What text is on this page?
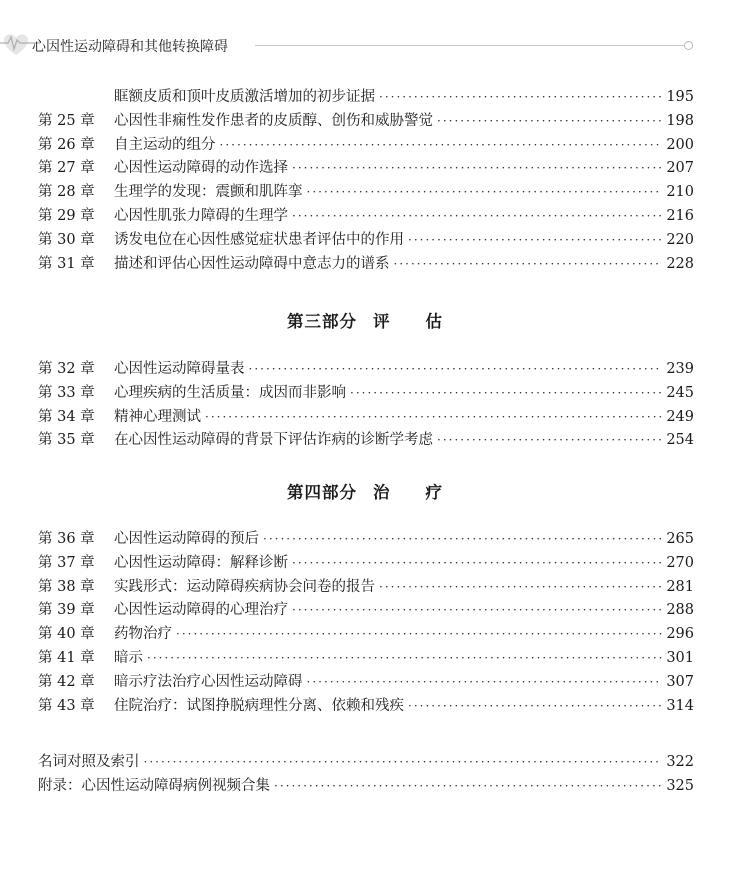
心因性运动障碍和其他转换障碍
眶额皮质和顶叶皮质激活增加的初步证据 ·····	195
第 25 章 心因性非痫性发作患者的皮质醇、创伤和威胁警觉 ·····	198
第 26 章 自主运动的组分 ·····	200
第 27 章 心因性运动障碍的动作选择 ·····	207
第 28 章 生理学的发现：震颤和肌阵挛 ·····	210
第 29 章 心因性肌张力障碍的生理学 ·····	216
第 30 章 诱发电位在心因性感觉症状患者评估中的作用 ·····	220
第 31 章 描述和评估心因性运动障碍中意志力的谱系 ·····	228
第三部分 评　　估
第 32 章 心因性运动障碍量表 ·····	239
第 33 章 心理疾病的生活质量：成因而非影响 ·····	245
第 34 章 精神心理测试 ·····	249
第 35 章 在心因性运动障碍的背景下评估诈病的诊断学考虑 ·····	254
第四部分 治　　疗
第 36 章 心因性运动障碍的预后 ·····	265
第 37 章 心因性运动障碍：解释诊断 ·····	270
第 38 章 实践形式：运动障碍疾病协会问卷的报告 ·····	281
第 39 章 心因性运动障碍的心理治疗 ·····	288
第 40 章 药物治疗 ·····	296
第 41 章 暗示 ·····	301
第 42 章 暗示疗法治疗心因性运动障碍 ·····	307
第 43 章 住院治疗：试图挣脱病理性分离、依赖和残疾 ·····	314
名词对照及索引 ·····	322
附录：心因性运动障碍病例视频合集 ·····	325
